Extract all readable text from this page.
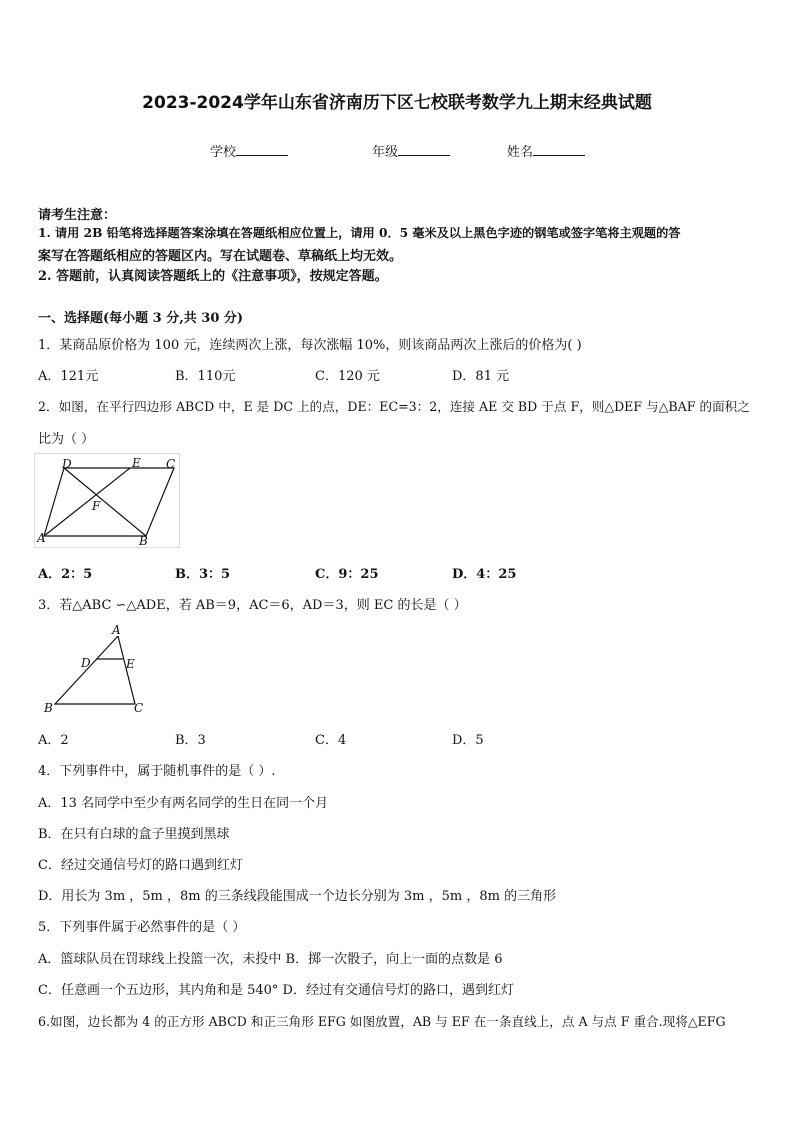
2023-2024学年山东省济南历下区七校联考数学九上期末经典试题
学校	年级	姓名
请考生注意：
1. 请用 2B 铅笔将选择题答案涂填在答题纸相应位置上，请用 0．5 毫米及以上黑色字迹的钢笔或签字笔将主观题的答
案写在答题纸相应的答题区内。写在试题卷、草稿纸上均无效。
2. 答题前，认真阅读答题纸上的《注意事项》，按规定答题。
一、选择题(每小题 3 分,共 30 分)
1．某商品原价格为 100 元，连续两次上涨，每次涨幅 10%，则该商品两次上涨后的价格为( )
A．121元	B．110元	C．120 元	D．81 元
2．如图，在平行四边形 ABCD 中，E 是 DC 上的点，DE：EC=3：2，连接 AE 交 BD 于点 F，则△DEF 与△BAF 的面积之
比为（ ）
D	E C
F
A	B
A．2：5	B．3：5	C．9：25	D．4：25
3．若△ABC ∽△ADE，若 AB＝9，AC＝6，AD＝3，则 EC 的长是（ ）
A
D	E
B	C
A．2	B．3	C．4	D．5
4．下列事件中，属于随机事件的是（ ）.
A．13 名同学中至少有两名同学的生日在同一个月
B．在只有白球的盒子里摸到黑球
C．经过交通信号灯的路口遇到红灯
D．用长为 3m ，5m ，8m 的三条线段能围成一个边长分别为 3m ，5m ，8m 的三角形
5．下列事件属于必然事件的是（ ）
A．篮球队员在罚球线上投篮一次，未投中 B．掷一次骰子，向上一面的点数是 6
C．任意画一个五边形，其内角和是 540° D．经过有交通信号灯的路口，遇到红灯
6.如图，边长都为 4 的正方形 ABCD 和正三角形 EFG 如图放置，AB 与 EF 在一条直线上，点 A 与点 F 重合.现将△EFG
